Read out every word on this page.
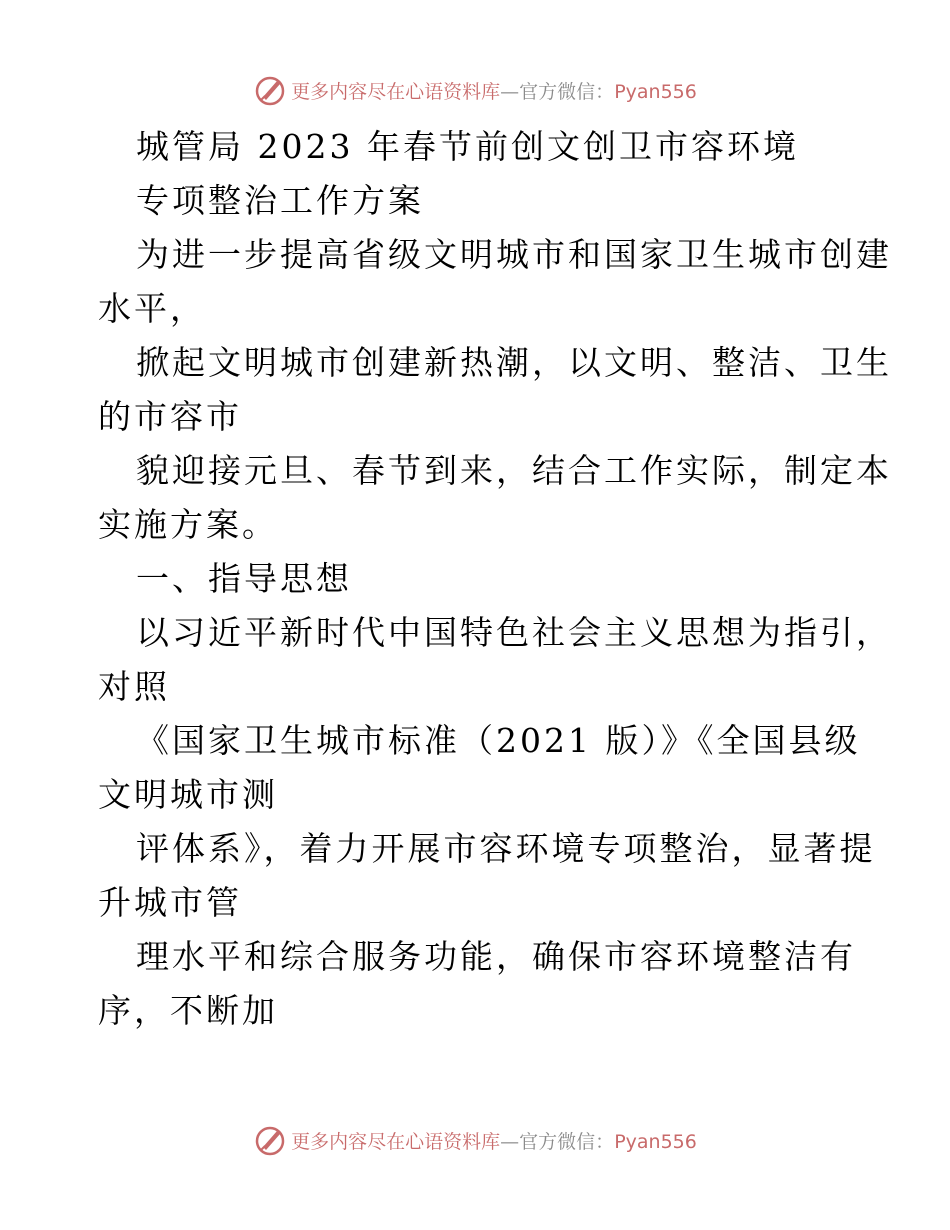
更多内容尽在心语资料库—官方微信：Pyan556
城管局 2023 年春节前创文创卫市容环境
专项整治工作方案
为进一步提高省级文明城市和国家卫生城市创建
水平，
掀起文明城市创建新热潮，以文明、整洁、卫生
的市容市
貌迎接元旦、春节到来，结合工作实际，制定本
实施方案。
一、指导思想
以习近平新时代中国特色社会主义思想为指引，
对照
《国家卫生城市标准（2021 版）》《全国县级
文明城市测
评体系》，着力开展市容环境专项整治，显著提
升城市管
理水平和综合服务功能，确保市容环境整洁有
序，不断加
更多内容尽在心语资料库—官方微信：Pyan556
